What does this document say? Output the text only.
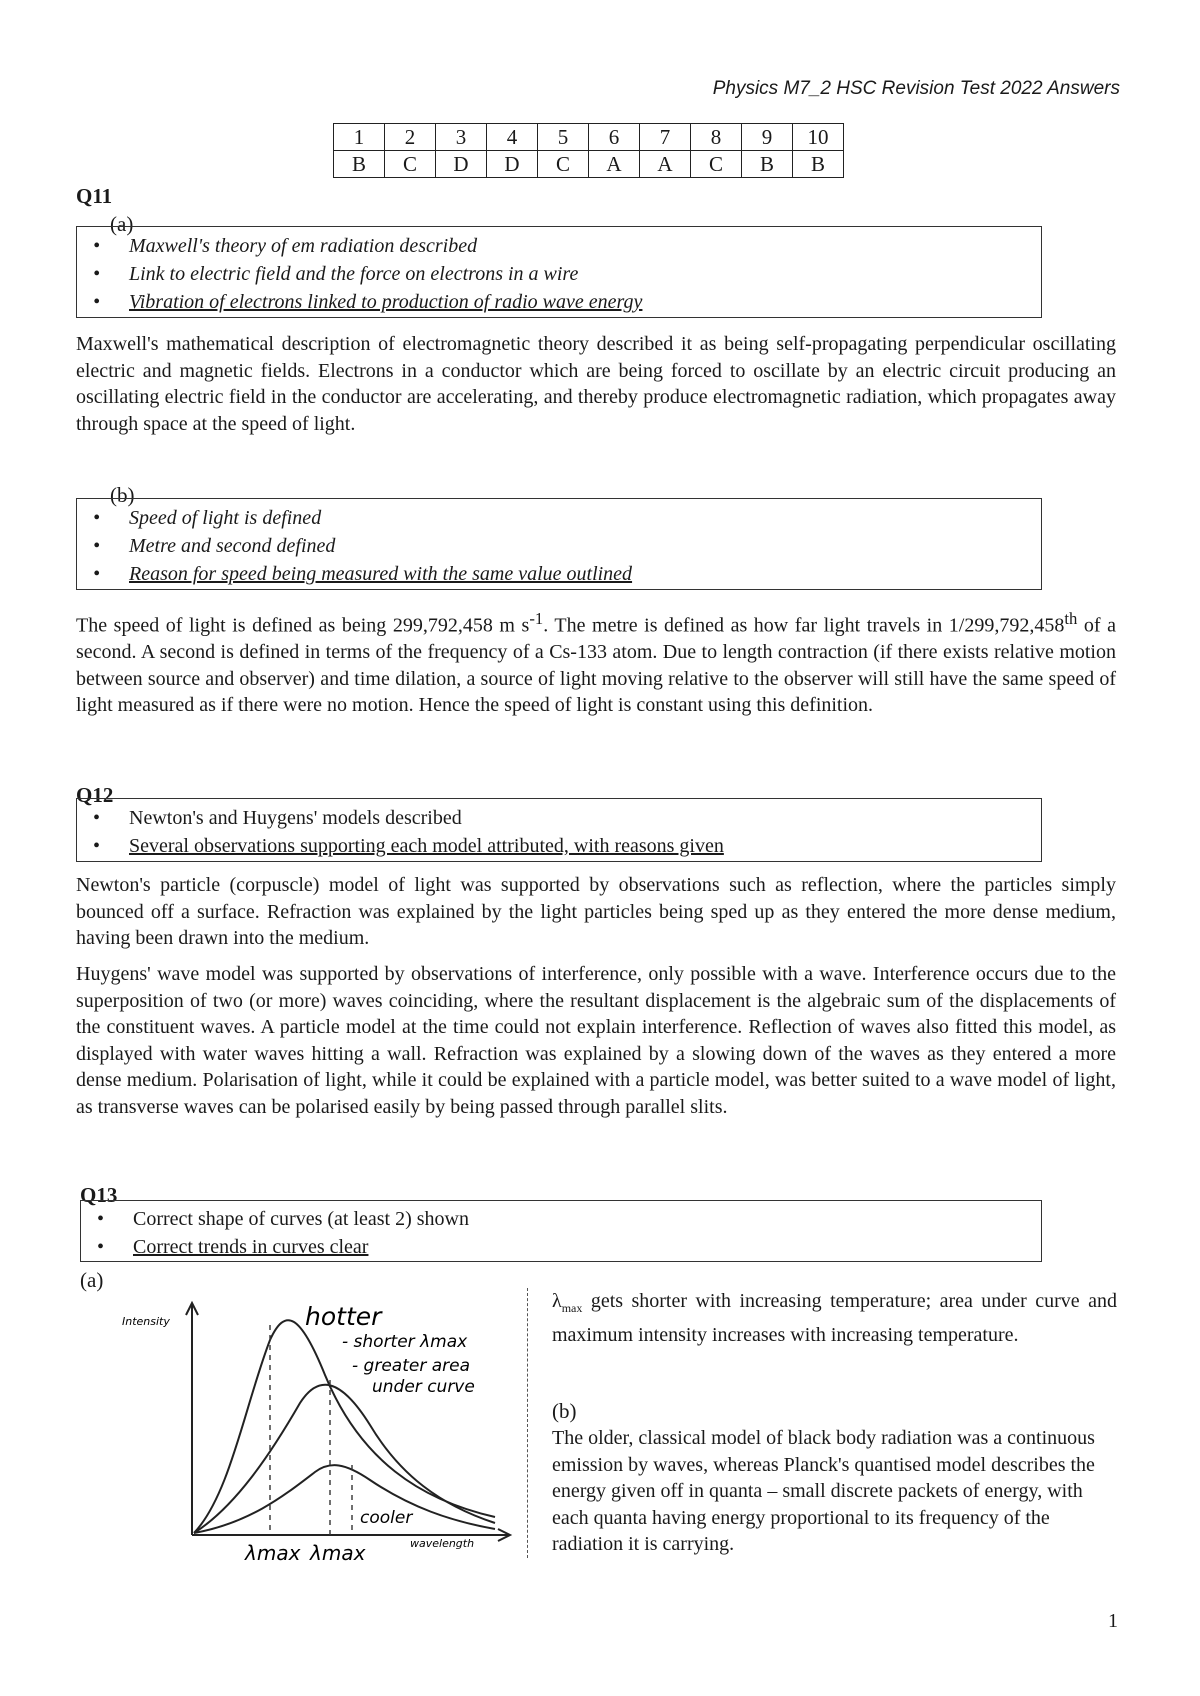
Physics M7_2 HSC Revision Test 2022 Answers
1	2	3	4	5	6	7	8	9	10
B	C	D	D	C	A	A	C	B	B
Q11
(a)
• Maxwell's theory of em radiation described
• Link to electric field and the force on electrons in a wire
• Vibration of electrons linked to production of radio wave energy

Maxwell's mathematical description of electromagnetic theory described it as being self-propagating perpendicular oscillating electric and magnetic fields. Electrons in a conductor which are being forced to oscillate by an electric circuit producing an oscillating electric field in the conductor are accelerating, and thereby produce electromagnetic radiation, which propagates away through space at the speed of light.

(b)
• Speed of light is defined
• Metre and second defined
• Reason for speed being measured with the same value outlined

The speed of light is defined as being 299,792,458 m $s^{-1}$. The metre is defined as how far light travels in 1/299,792,458th of a second. A second is defined in terms of the frequency of a Cs-133 atom. Due to length contraction (if there exists relative motion between source and observer) and time dilation, a source of light moving relative to the observer will still have the same speed of light measured as if there were no motion. Hence the speed of light is constant using this definition.

Q12
• Newton's and Huygens' models described
• Several observations supporting each model attributed, with reasons given

Newton's particle (corpuscle) model of light was supported by observations such as reflection, where the particles simply bounced off a surface. Refraction was explained by the light particles being sped up as they entered the more dense medium, having been drawn into the medium.

Huygens' wave model was supported by observations of interference, only possible with a wave. Interference occurs due to the superposition of two (or more) waves coinciding, where the resultant displacement is the algebraic sum of the displacements of the constituent waves. A particle model at the time could not explain interference. Reflection of waves also fitted this model, as displayed with water waves hitting a wall. Refraction was explained by a slowing down of the waves as they entered a more dense medium. Polarisation of light, while it could be explained with a particle model, was better suited to a wave model of light, as transverse waves can be polarised easily by being passed through parallel slits.

Q13
• Correct shape of curves (at least 2) shown
• Correct trends in curves clear
(a)
Intensity
wavelength
hotter
- shorter λmax
- greater area
under curve
cooler
λmax λmax

$\lambda_{max}$ gets shorter with increasing temperature; area under curve and maximum intensity increases with increasing temperature.

(b)

The older, classical model of black body radiation was a continuous emission by waves, whereas Planck's quantised model describes the energy given off in quanta – small discrete packets of energy, with each quanta having energy proportional to its frequency of the radiation it is carrying.

1
